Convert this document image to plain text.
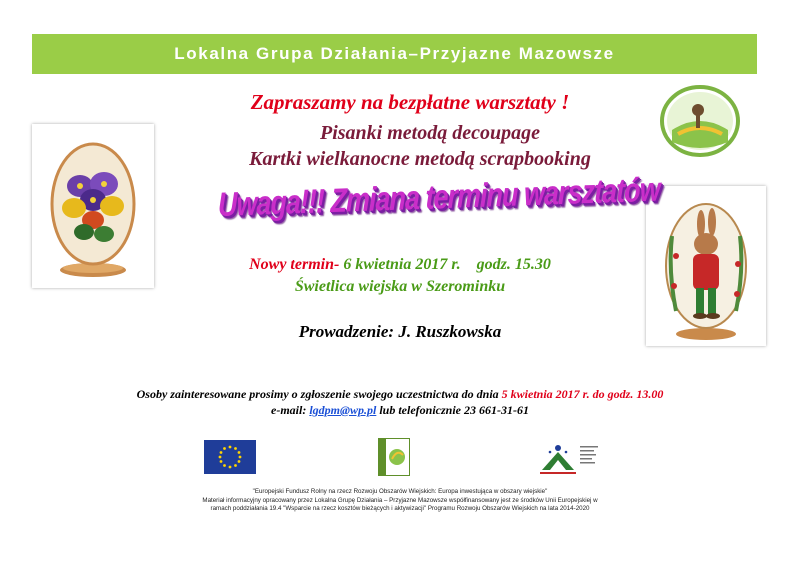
Lokalna Grupa Działania–Przyjazne Mazowsze
Zapraszamy na bezpłatne warsztaty !
Pisanki metodą decoupage
Kartki wielkanocne metodą scrapbooking
Uwaga!!! Zmiana terminu warsztatów
Nowy termin- 6 kwietnia 2017 r.    godz. 15.30
Świetlica wiejska w Szerominku
Prowadzenie: J. Ruszkowska
Osoby zainteresowane prosimy o zgłoszenie swojego uczestnictwa do dnia 5 kwietnia 2017 r. do godz. 13.00
e-mail: lgdpm@wp.pl lub telefonicznie 23 661-31-61
"Europejski Fundusz Rolny na rzecz Rozwoju Obszarów Wiejskich: Europa inwestująca w obszary wiejskie"
Materiał informacyjny opracowany przez Lokalna Grupę Działania – Przyjazne Mazowsze współfinansowany jest ze środków Unii Europejskiej w
ramach poddziałania 19.4 "Wsparcie na rzecz kosztów bieżących i aktywizacji" Programu Rozwoju Obszarów Wiejskich na lata 2014-2020
